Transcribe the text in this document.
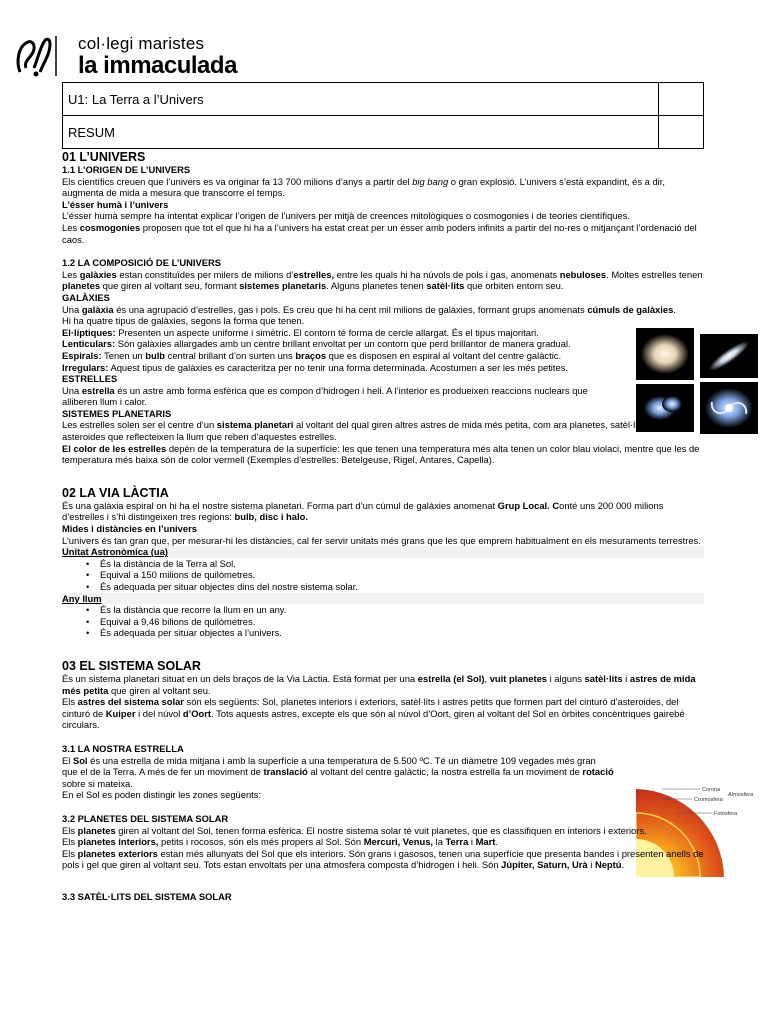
col·legi maristes
la immaculada
U1: La Terra a l’Univers	
RESUM	
Corona
Cromosfera
Atmosfera
Fotosfera

01 L’UNIVERS

1.1 L’ORIGEN DE L’UNIVERS

Els científics creuen que l’univers es va originar fa 13 700 milions d’anys a partir del big bang o gran explosió. L’univers s’està expandint, és a dir, augmenta de mida a mesura que transcorre el temps.

L’ésser humà i l’univers

L’ésser humà sempre ha intentat explicar l’origen de l’univers per mitjà de creences mitològiques o cosmogonies i de teories científiques.

Les cosmogonies proposen que tot el que hi ha a l’univers ha estat creat per un ésser amb poders infinits a partir del no-res o mitjançant l’ordenació del caos.

1.2 LA COMPOSICIÓ DE L’UNIVERS

Les galàxies estan constituïdes per milers de milions d’estrelles, entre les quals hi ha núvols de pols i gas, anomenats nebuloses. Moltes estrelles tenen planetes que giren al voltant seu, formant sistemes planetaris. Alguns planetes tenen satèl·lits que orbiten entorn seu.

GALÀXIES

Una galàxia és una agrupació d’estrelles, gas i pols. Es creu que hi ha cent mil milions de galàxies, formant grups anomenats cúmuls de galàxies.

Hi ha quatre tipus de galàxies, segons la forma que tenen.

El·líptiques: Presenten un aspecte uniforme i simètric. El contorn té forma de cercle allargat. És el tipus majoritari.

Lenticulars: Són galàxies allargades amb un centre brillant envoltat per un contorn que perd brillantor de manera gradual.

Espirals: Tenen un bulb central brillant d’on surten uns braços que es disposen en espiral al voltant del centre galàctic.

Irregulars: Aquest tipus de galàxies es caracteritza per no tenir una forma determinada. Acostumen a ser les més petites.

ESTRELLES

Una estrella és un astre amb forma esfèrica que es compon d’hidrogen i heli. A l’interior es produeixen reaccions nuclears que alliberen llum i calor.

SISTEMES PLANETARIS

Les estrelles solen ser el centre d’un sistema planetari al voltant del qual giren altres astres de mida més petita, com ara planetes, satèl·lits, estrelles i asteroides que reflecteixen la llum que reben d’aquestes estrelles.

El color de les estrelles depèn de la temperatura de la superfície: les que tenen una temperatura més alta tenen un color blau violaci, mentre que les de temperatura més baixa són de color vermell (Exemples d’estrelles: Betelgeuse, Rigel, Antares, Capella).

02 LA VIA LÀCTIA

És una galàxia espiral on hi ha el nostre sistema planetari. Forma part d’un cúmul de galàxies anomenat Grup Local. Conté uns 200 000 milions d’estrelles i s’hi distingeixen tres regions: bulb, disc i halo.

Mides i distàncies en l’univers

L’univers és tan gran que, per mesurar-hi les distàncies, cal fer servir unitats més grans que les que emprem habitualment en els mesuraments terrestres.

Unitat Astronòmica (ua)

• És la distància de la Terra al Sol.
• Equival a 150 milions de quilòmetres.
• És adequada per situar objectes dins del nostre sistema solar.

Any llum

• És la distància que recorre la llum en un any.
• Equival a 9,46 bilions de quilòmetres.
• És adequada per situar objectes a l’univers.

03 EL SISTEMA SOLAR

És un sistema planetari situat en un dels braços de la Via Làctia. Està format per una estrella (el Sol), vuit planetes i alguns satèl·lits i astres de mida més petita que giren al voltant seu.

Els astres del sistema solar són els següents: Sol, planetes interiors i exteriors, satèl·lits i astres petits que formen part del cinturó d’asteroides, del cinturó de Kuiper i del núvol d’Oort. Tots aquests astres, excepte els que són al núvol d’Oort, giren al voltant del Sol en òrbites concèntriques gairebé circulars.

3.1 LA NOSTRA ESTRELLA

El Sol és una estrella de mida mitjana i amb la superfície a una temperatura de 5.500 ºC. Té un diàmetre 109 vegades més gran que el de la Terra. A més de fer un moviment de translació al voltant del centre galàctic, la nostra estrella fa un moviment de rotació sobre si mateixa.

En el Sol es poden distingir les zones següents:

3.2 PLANETES DEL SISTEMA SOLAR

Els planetes giren al voltant del Sol, tenen forma esfèrica. El nostre sistema solar té vuit planetes, que es classifiquen en interiors i exteriors.

Els planetes interiors, petits i rocosos, són els més propers al Sol. Són Mercuri, Venus, la Terra i Mart.

Els planetes exteriors estan més allunyats del Sol que els interiors. Són grans i gasosos, tenen una superfície que presenta bandes i presenten anells de pols i gel que giren al voltant seu. Tots estan envoltats per una atmosfera composta d’hidrogen i heli. Són Júpiter, Saturn, Urà i Neptú.

3.3 SATÈL·LITS DEL SISTEMA SOLAR
